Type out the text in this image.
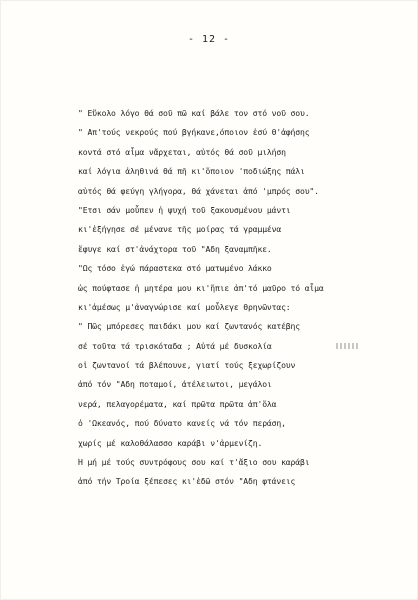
- 12 -
" Εὔκολο λόγο θά σοῦ πῶ καί βάλε τον στό νοῦ σου.
" Απ'τούς νεκρούς πού βγήκανε,όποιον ἐσύ θ'ἀφήσης
κοντά στό αἷμα νἄρχεται, αὐτός θά σοῦ μιλήση
καί λόγια ἀληθινά θά πῆ κι'ὅποιον 'ποδιώξης πάλι
αὐτός θά φεύγη γλήγορα, θά χάνεται ἀπό 'μπρός σου".
"Ετσι σάν μοὗπεν ἡ ψυχή τοῦ ξακουσμένου μάντι
κι'ἐξήγησε σέ μένανε τῆς μοίρας τά γραμμένα
ἔφυγε καί στ'ἀνάχτορα τοῦ "Αδη ξαναμπῆκε.
"Ως τόσο ἐγώ πάραστεκα στό ματωμένο λάκκο
ὡς πούφτασε ἡ μητέρα μου κι'ἤπιε ἀπ'τό μαῦρο τό αἷμα
κι'ἀμέσως μ'ἀναγνώρισε καί μοὗλεγε θρηνῶντας:
" Πῶς μπόρεσες παιδάκι μου καί ζωντανός κατέβης
σέ τοῦτα τά τρισκόταδα ; Αὐτά μέ δυσκολία
οἱ ζωντανοί τά βλέπουνε, γιατί τούς ξεχωρίζουν
ἀπό τόν "Αδη ποταμοί, ἀτέλειωτοι, μεγάλοι
νερά, πελαγορέματα, καί πρῶτα πρῶτα ἀπ'ὅλα
ὁ 'Ωκεανός, πού δύνατο κανείς νά τόν περάση,
χωρίς μέ καλοθάλασσο καράβι ν'ἀρμενίζη.
Ἤ μή μέ τούς συντρόφους σου καί τ'ἄξιο σου καράβι
ἀπό τήν Τροία ξέπεσες κι'ἐδῶ στόν "Αδη φτάνεις
